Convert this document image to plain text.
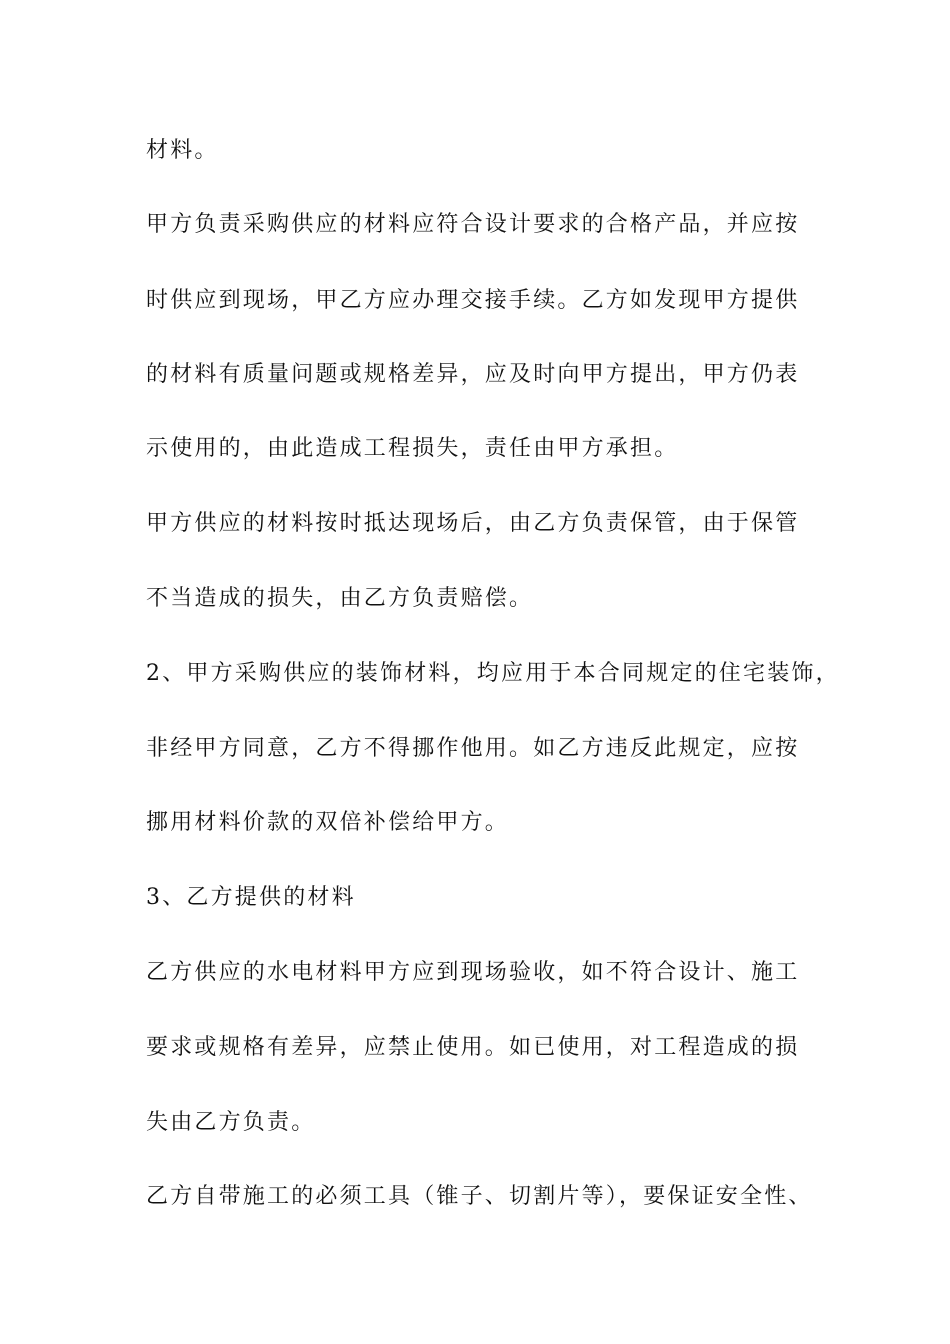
材料。
甲方负责采购供应的材料应符合设计要求的合格产品，并应按
时供应到现场，甲乙方应办理交接手续。乙方如发现甲方提供
的材料有质量问题或规格差异，应及时向甲方提出，甲方仍表
示使用的，由此造成工程损失，责任由甲方承担。
甲方供应的材料按时抵达现场后，由乙方负责保管，由于保管
不当造成的损失，由乙方负责赔偿。
2、甲方采购供应的装饰材料，均应用于本合同规定的住宅装饰，
非经甲方同意，乙方不得挪作他用。如乙方违反此规定，应按
挪用材料价款的双倍补偿给甲方。
3、乙方提供的材料
乙方供应的水电材料甲方应到现场验收，如不符合设计、施工
要求或规格有差异，应禁止使用。如已使用，对工程造成的损
失由乙方负责。
乙方自带施工的必须工具（锥子、切割片等），要保证安全性、
